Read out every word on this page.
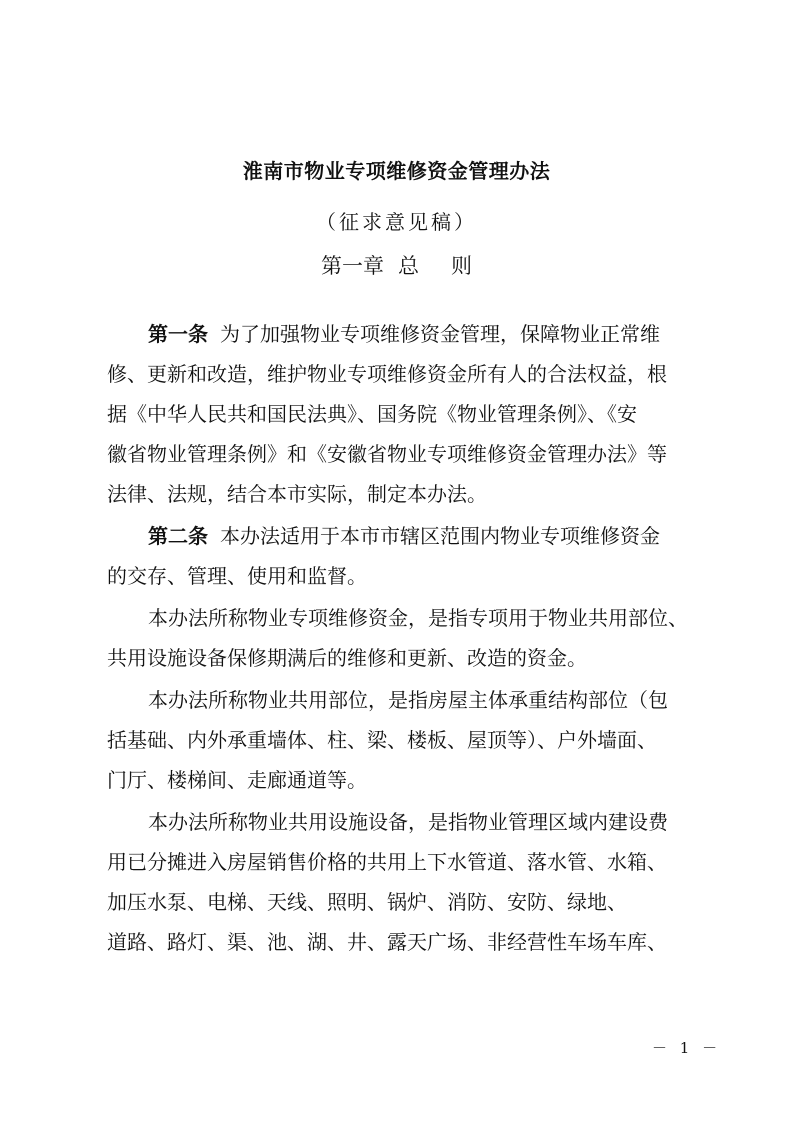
淮南市物业专项维修资金管理办法
（征求意见稿）
第一章 总 则
第一条 为了加强物业专项维修资金管理，保障物业正常维
修、更新和改造，维护物业专项维修资金所有人的合法权益，根
据《中华人民共和国民法典》、国务院《物业管理条例》、《安
徽省物业管理条例》和《安徽省物业专项维修资金管理办法》等
法律、法规，结合本市实际，制定本办法。
第二条 本办法适用于本市市辖区范围内物业专项维修资金
的交存、管理、使用和监督。
本办法所称物业专项维修资金，是指专项用于物业共用部位、
共用设施设备保修期满后的维修和更新、改造的资金。
本办法所称物业共用部位，是指房屋主体承重结构部位（包
括基础、内外承重墙体、柱、梁、楼板、屋顶等）、户外墙面、
门厅、楼梯间、走廊通道等。
本办法所称物业共用设施设备，是指物业管理区域内建设费
用已分摊进入房屋销售价格的共用上下水管道、落水管、水箱、
加压水泵、电梯、天线、照明、锅炉、消防、安防、绿地、
道路、路灯、渠、池、湖、井、露天广场、非经营性车场车库、
－ 1 －
